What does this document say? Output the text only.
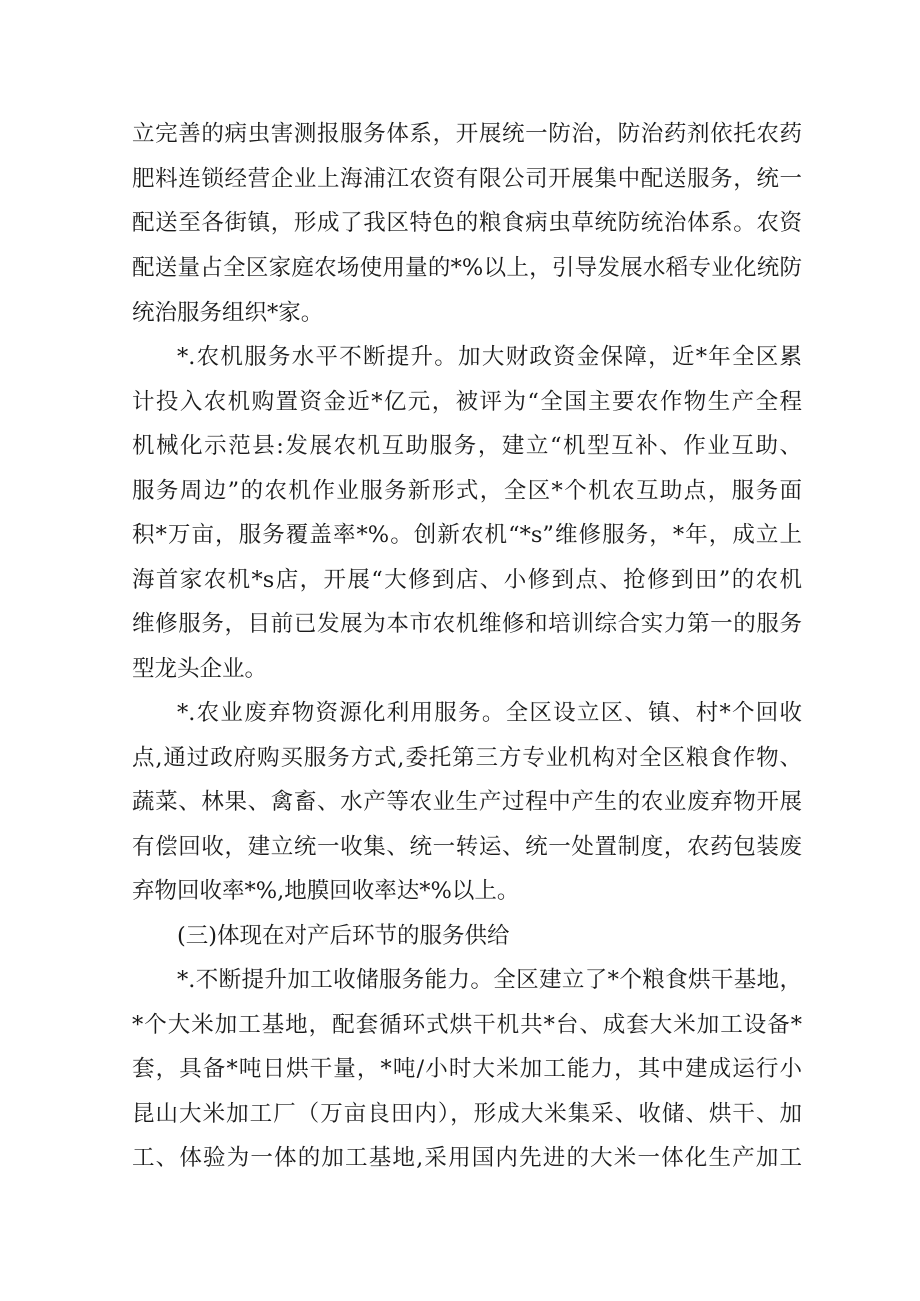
立完善的病虫害测报服务体系，开展统一防治，防治药剂依托农药
肥料连锁经营企业上海浦江农资有限公司开展集中配送服务，统一
配送至各街镇，形成了我区特色的粮食病虫草统防统治体系。农资
配送量占全区家庭农场使用量的*%以上，引导发展水稻专业化统防
统治服务组织*家。
*.农机服务水平不断提升。加大财政资金保障，近*年全区累
计投入农机购置资金近*亿元，被评为“全国主要农作物生产全程
机械化示范县:发展农机互助服务，建立“机型互补、作业互助、
服务周边”的农机作业服务新形式，全区*个机农互助点，服务面
积*万亩，服务覆盖率*%。创新农机“*s”维修服务，*年，成立上
海首家农机*s店，开展“大修到店、小修到点、抢修到田”的农机
维修服务，目前已发展为本市农机维修和培训综合实力第一的服务
型龙头企业。
*.农业废弃物资源化利用服务。全区设立区、镇、村*个回收
点,通过政府购买服务方式,委托第三方专业机构对全区粮食作物、
蔬菜、林果、禽畜、水产等农业生产过程中产生的农业废弃物开展
有偿回收，建立统一收集、统一转运、统一处置制度，农药包装废
弃物回收率*%,地膜回收率达*%以上。
(三)体现在对产后环节的服务供给
*.不断提升加工收储服务能力。全区建立了*个粮食烘干基地，
*个大米加工基地，配套循环式烘干机共*台、成套大米加工设备*
套，具备*吨日烘干量，*吨/小时大米加工能力，其中建成运行小
昆山大米加工厂（万亩良田内），形成大米集采、收储、烘干、加
工、体验为一体的加工基地,采用国内先进的大米一体化生产加工
